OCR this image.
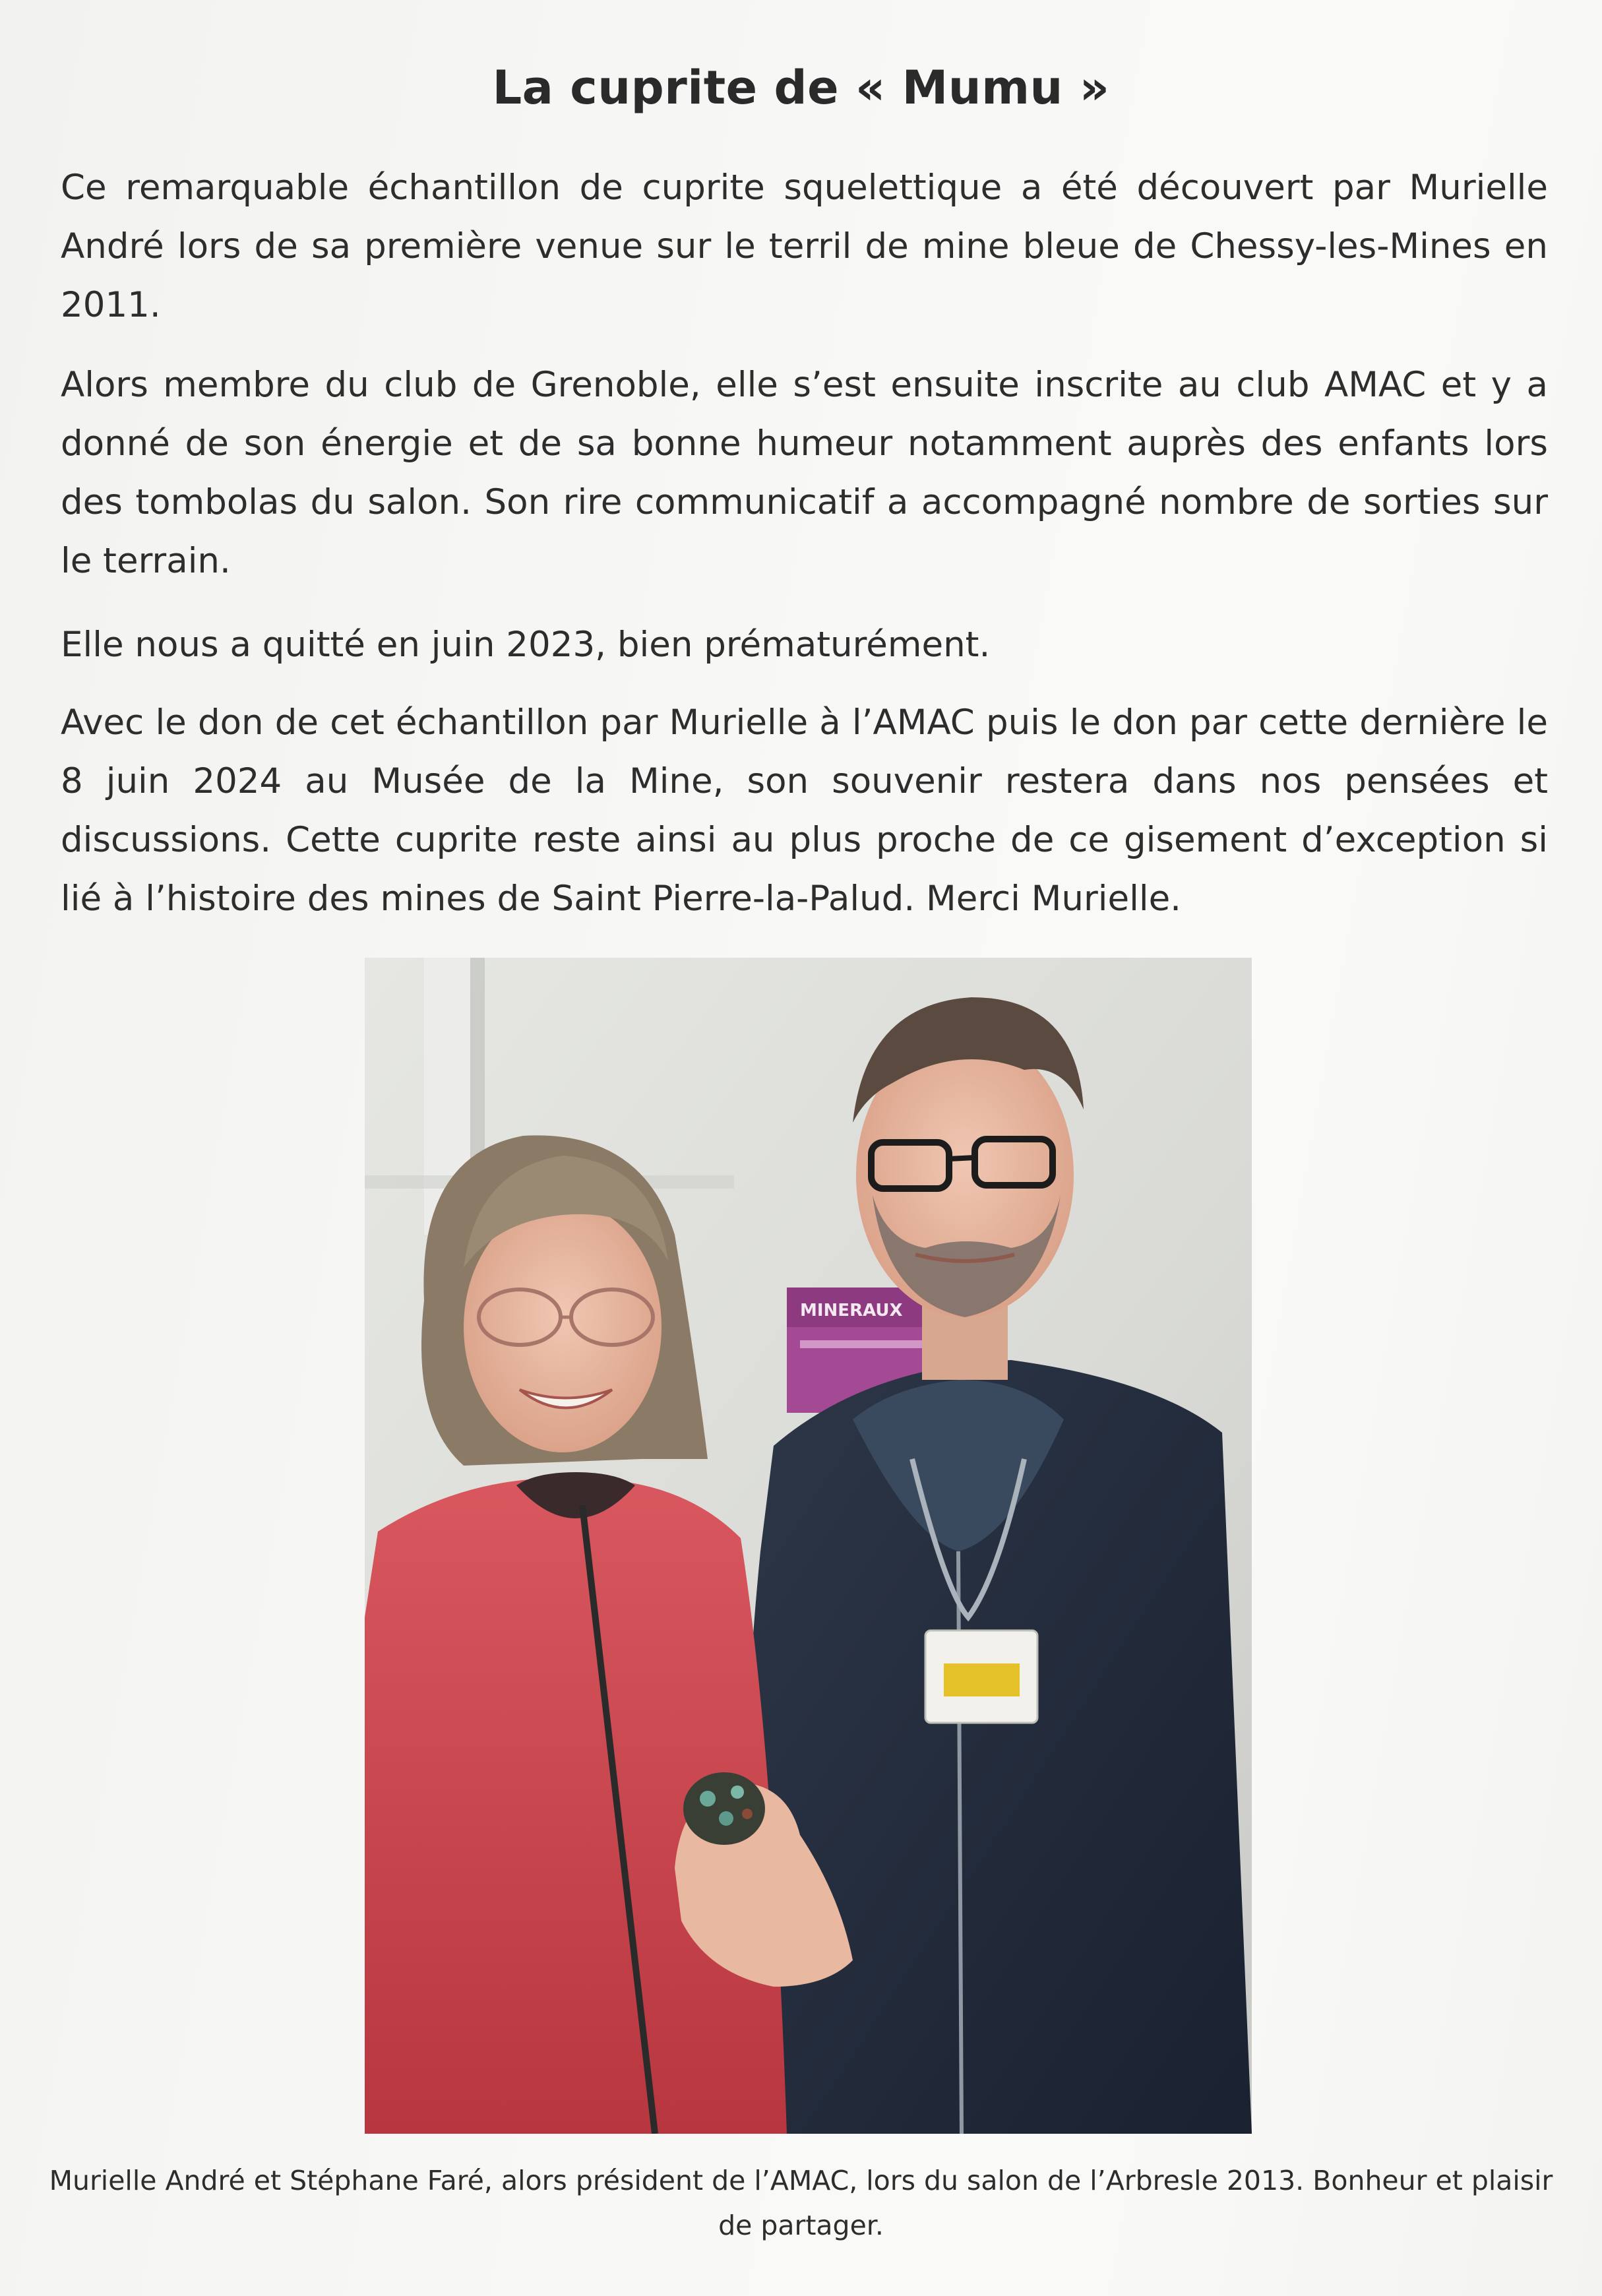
La cuprite de « Mumu »
Ce remarquable échantillon de cuprite squelettique a été découvert par Murielle André lors de sa première venue sur le terril de mine bleue de Chessy-les-Mines en 2011.
Alors membre du club de Grenoble, elle s’est ensuite inscrite au club AMAC et y a donné de son énergie et de sa bonne humeur notamment auprès des enfants lors des tombolas du salon. Son rire communicatif a accompagné nombre de sorties sur le terrain.
Elle nous a quitté en juin 2023, bien prématurément.
Avec le don de cet échantillon par Murielle à l’AMAC puis le don par cette dernière le 8 juin 2024 au Musée de la Mine, son souvenir restera dans nos pensées et discussions. Cette cuprite reste ainsi au plus proche de ce gisement d’exception si lié à l’histoire des mines de Saint Pierre-la-Palud. Merci Murielle.
MINERAUX
Murielle André et Stéphane Faré, alors président de l’AMAC, lors du salon de l’Arbresle 2013. Bonheur et plaisir de partager.
